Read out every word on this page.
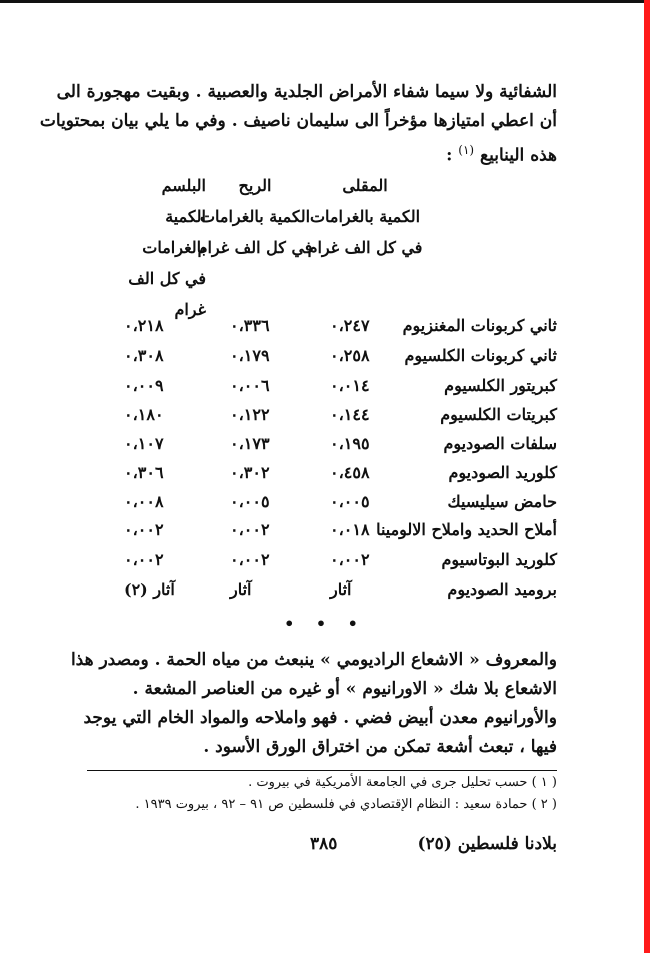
الشفائية ولا سيما شفاء الأمراض الجلدية والعصبية . وبقيت مهجورة الى
أن اعطي امتيازها مؤخراً الى سليمان ناصيف . وفي ما يلي بيان بمحتويات
هذه الينابيع $^{(١)}$ :
المقلى
الكمية بالغرامات
في كل الف غرام
الريح
الكمية بالغرامات
في كل الف غرام
البلسم
الكمية بالغرامات
في كل الف غرام
ثاني كربونات المغنزيوم
٠،٢٤٧
٠،٣٣٦
٠،٢١٨
ثاني كربونات الكلسيوم
٠،٢٥٨
٠،١٧٩
٠،٣٠٨
كبريتور الكلسيوم
٠،٠١٤
٠،٠٠٦
٠،٠٠٩
كبريتات الكلسيوم
٠،١٤٤
٠،١٢٢
٠،١٨٠
سلفات الصوديوم
٠،١٩٥
٠،١٧٣
٠،١٠٧
كلوريد الصوديوم
٠،٤٥٨
٠،٣٠٢
٠،٣٠٦
حامض سيليسيك
٠،٠٠٥
٠،٠٠٥
٠،٠٠٨
أملاح الحديد واملاح الالومينا
٠،٠١٨
٠،٠٠٢
٠،٠٠٢
كلوريد البوتاسيوم
٠،٠٠٢
٠،٠٠٢
٠،٠٠٢
بروميد الصوديوم
آثار
آثار
آثار (٢)
• • •
والمعروف « الاشعاع الراديومي » ينبعث من مياه الحمة . ومصدر هذا
الاشعاع بلا شك « الاورانيوم » أو غيره من العناصر المشعة .
والأورانيوم معدن أبيض فضي . فهو واملاحه والمواد الخام التي يوجد
فيها ، تبعث أشعة تمكن من اختراق الورق الأسود .
( ١ ) حسب تحليل جرى في الجامعة الأمريكية في بيروت .
( ٢ ) حمادة سعيد : النظام الإقتصادي في فلسطين ص ٩١ – ٩٢ ، بيروت ١٩٣٩ .
بلادنا فلسطين (٢٥)
٣٨٥
